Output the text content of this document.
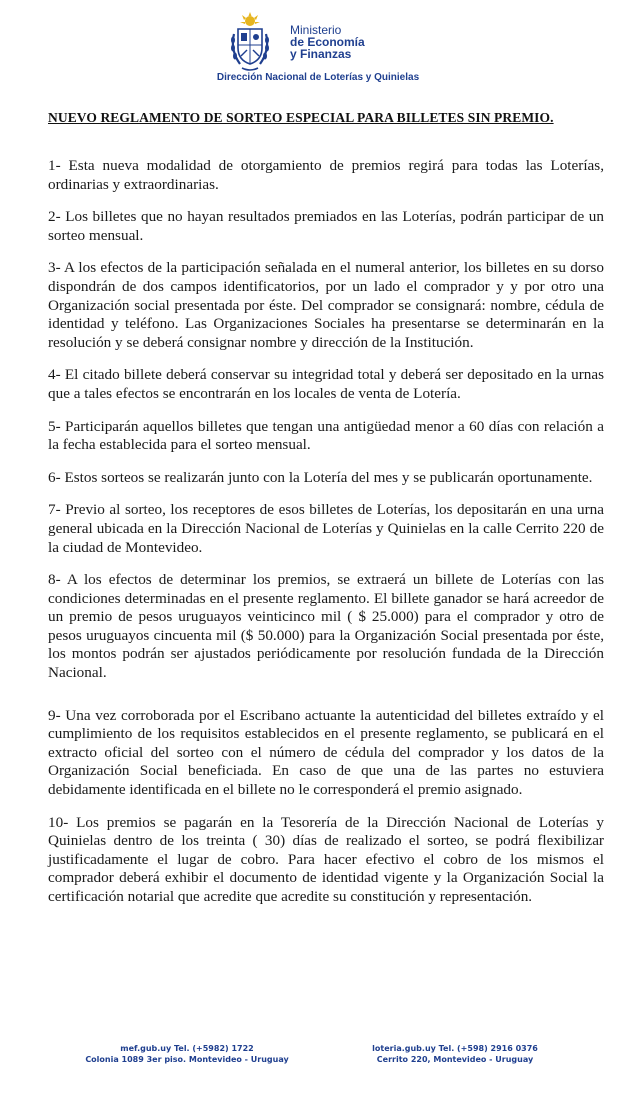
Ministerio
de Economía
y Finanzas
Dirección Nacional de Loterías y Quinielas
NUEVO REGLAMENTO DE SORTEO ESPECIAL PARA BILLETES SIN PREMIO.

1- Esta nueva modalidad de otorgamiento de premios regirá para todas las Loterías, ordinarias y extraordinarias.

2- Los billetes que no hayan resultados premiados en las Loterías, podrán participar de un sorteo mensual.

3- A los efectos de la participación señalada en el numeral anterior, los billetes en su dorso dispondrán de dos campos identificatorios, por un lado el comprador y y por otro una Organización social presentada por éste. Del comprador se consignará: nombre, cédula de identidad y teléfono. Las Organizaciones Sociales ha presentarse se determinarán en la resolución y se deberá consignar nombre y dirección de la Institución.

4- El citado billete deberá conservar su integridad total y deberá ser depositado en la urnas que a tales efectos se encontrarán en los locales de venta de Lotería.

5- Participarán aquellos billetes que tengan una antigüedad menor a 60 días con relación a la fecha establecida para el sorteo mensual.

6- Estos sorteos se realizarán junto con la Lotería del mes y se publicarán oportunamente.

7- Previo al sorteo, los receptores de esos billetes de Loterías, los depositarán en una urna general ubicada en la Dirección Nacional de Loterías y Quinielas en la calle Cerrito 220 de la ciudad de Montevideo.

8- A los efectos de determinar los premios, se extraerá un billete de Loterías con las condiciones determinadas en el presente reglamento. El billete ganador se hará acreedor de un premio de pesos uruguayos veinticinco mil ( $ 25.000) para el comprador y otro de pesos uruguayos cincuenta mil ($ 50.000) para la Organización Social presentada por éste, los montos podrán ser ajustados periódicamente por resolución fundada de la Dirección Nacional.

9- Una vez corroborada por el Escribano actuante la autenticidad del billetes extraído y el cumplimiento de los requisitos establecidos en el presente reglamento, se publicará en el extracto oficial del sorteo con el número de cédula del comprador y los datos de la Organización Social beneficiada. En caso de que una de las partes no estuviera debidamente identificada en el billete no le corresponderá el premio asignado.

10- Los premios se pagarán en la Tesorería de la Dirección Nacional de Loterías y Quinielas dentro de los treinta ( 30) días de realizado el sorteo, se podrá flexibilizar justificadamente el lugar de cobro. Para hacer efectivo el cobro de los mismos el comprador deberá exhibir el documento de identidad vigente y la Organización Social la certificación notarial que acredite que acredite su constitución y representación.

mef.gub.uy Tel. (+5982) 1722
Colonia 1089 3er piso. Montevideo - Uruguay
loteria.gub.uy Tel. (+598) 2916 0376
Cerrito 220, Montevideo - Uruguay
